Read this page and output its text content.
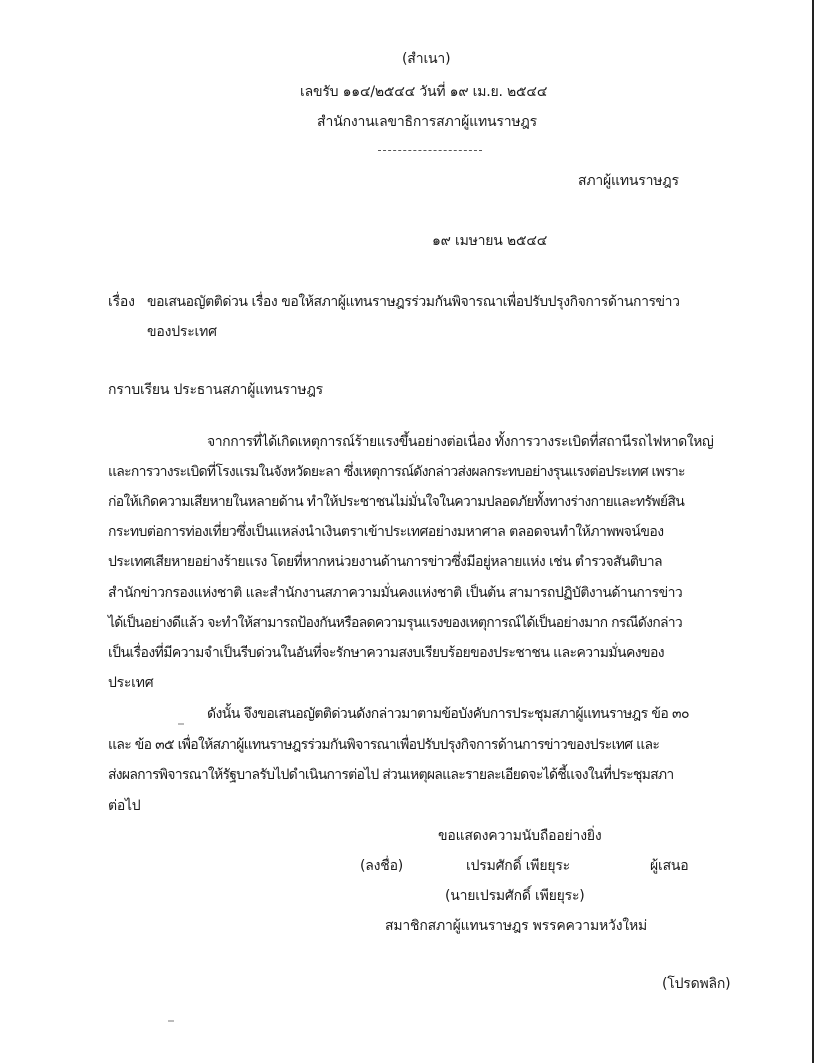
(สำเนา)
เลขรับ ๑๑๔/๒๕๔๔ วันที่ ๑๙ เม.ย. ๒๕๔๔
สำนักงานเลขาธิการสภาผู้แทนราษฎร
สภาผู้แทนราษฎร
๑๙ เมษายน ๒๕๔๔
เรื่อง ขอเสนอญัตติด่วน เรื่อง ขอให้สภาผู้แทนราษฎรร่วมกันพิจารณาเพื่อปรับปรุงกิจการด้านการข่าว
ของประเทศ
กราบเรียน ประธานสภาผู้แทนราษฎร
จากการที่ได้เกิดเหตุการณ์ร้ายแรงขึ้นอย่างต่อเนื่อง ทั้งการวางระเบิดที่สถานีรถไฟหาดใหญ่
และการวางระเบิดที่โรงแรมในจังหวัดยะลา ซึ่งเหตุการณ์ดังกล่าวส่งผลกระทบอย่างรุนแรงต่อประเทศ เพราะ
ก่อให้เกิดความเสียหายในหลายด้าน ทำให้ประชาชนไม่มั่นใจในความปลอดภัยทั้งทางร่างกายและทรัพย์สิน
กระทบต่อการท่องเที่ยวซึ่งเป็นแหล่งนำเงินตราเข้าประเทศอย่างมหาศาล ตลอดจนทำให้ภาพพจน์ของ
ประเทศเสียหายอย่างร้ายแรง โดยที่หากหน่วยงานด้านการข่าวซึ่งมีอยู่หลายแห่ง เช่น ตำรวจสันติบาล
สำนักข่าวกรองแห่งชาติ และสำนักงานสภาความมั่นคงแห่งชาติ เป็นต้น สามารถปฏิบัติงานด้านการข่าว
ได้เป็นอย่างดีแล้ว จะทำให้สามารถป้องกันหรือลดความรุนแรงของเหตุการณ์ได้เป็นอย่างมาก กรณีดังกล่าว
เป็นเรื่องที่มีความจำเป็นรีบด่วนในอันที่จะรักษาความสงบเรียบร้อยของประชาชน และความมั่นคงของ
ประเทศ
ดังนั้น จึงขอเสนอญัตติด่วนดังกล่าวมาตามข้อบังคับการประชุมสภาผู้แทนราษฎร ข้อ ๓๐
และ ข้อ ๓๕ เพื่อให้สภาผู้แทนราษฎรร่วมกันพิจารณาเพื่อปรับปรุงกิจการด้านการข่าวของประเทศ และ
ส่งผลการพิจารณาให้รัฐบาลรับไปดำเนินการต่อไป ส่วนเหตุผลและรายละเอียดจะได้ชี้แจงในที่ประชุมสภา
ต่อไป
ขอแสดงความนับถืออย่างยิ่ง
(ลงชื่อ)	เปรมศักดิ์ เพียยุระ	ผู้เสนอ
(นายเปรมศักดิ์ เพียยุระ)
สมาชิกสภาผู้แทนราษฎร พรรคความหวังใหม่
(โปรดพลิก)
